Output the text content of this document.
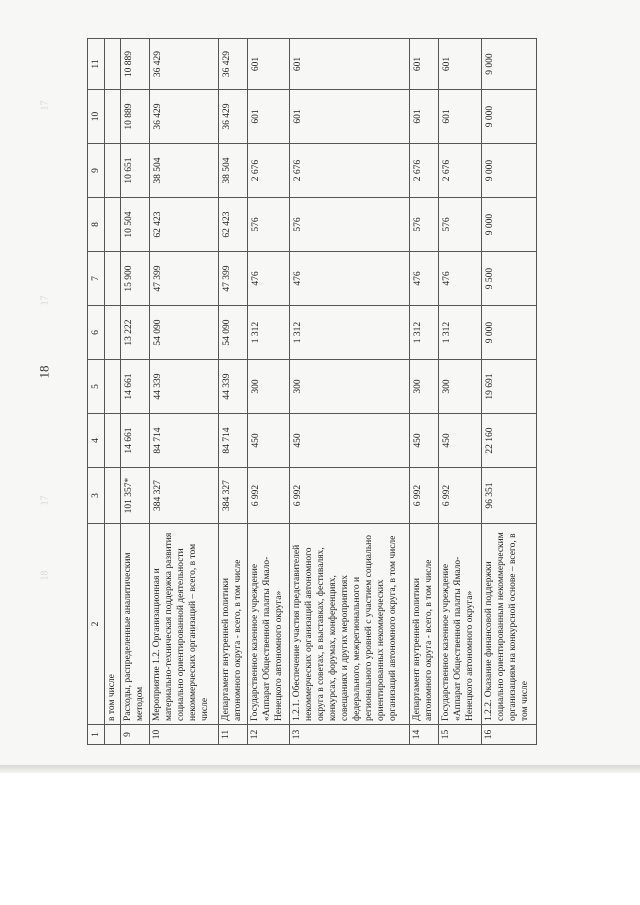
18
18
17
17
17
1	2	3	4	5	6	7	8	9	10	11
	в том числе									
9	Расходы, распределенные аналитическим методом	101 357*	14 661	14 661	13 222	15 900	10 504	10 651	10 889	10 889
10	Мероприятие 1.2. Организационная и материально-техническая поддержка развития социально ориентированной деятельности некоммерческих организаций – всего, в том числе	384 327	84 714	44 339	54 090	47 399	62 423	38 504	36 429	36 429
11	Департамент внутренней политики автономного округа - всего, в том числе	384 327	84 714	44 339	54 090	47 399	62 423	38 504	36 429	36 429
12	Государственное казенное учреждение «Аппарат Общественной палаты Ямало-Ненецкого автономного округа»	6 992	450	300	1 312	476	576	2 676	601	601
13	1.2.1. Обеспечение участия представителей некоммерческих организаций автономного округа в советах, в выставках, фестивалях, конкурсах, форумах, конференциях, совещаниях и других мероприятиях федерального, межрегионального и регионального уровней с участием социально ориентированных некоммерческих организаций автономного округа, в том числе	6 992	450	300	1 312	476	576	2 676	601	601
14	Департамент внутренней политики автономного округа - всего, в том числе	6 992	450	300	1 312	476	576	2 676	601	601
15	Государственное казенное учреждение «Аппарат Общественной палаты Ямало-Ненецкого автономного округа»	6 992	450	300	1 312	476	576	2 676	601	601
16	1.2.2. Оказание финансовой поддержки социально ориентированным некоммерческим организациям на конкурсной основе – всего, в том числе	96 351	22 160	19 691	9 000	9 500	9 000	9 000	9 000	9 000
